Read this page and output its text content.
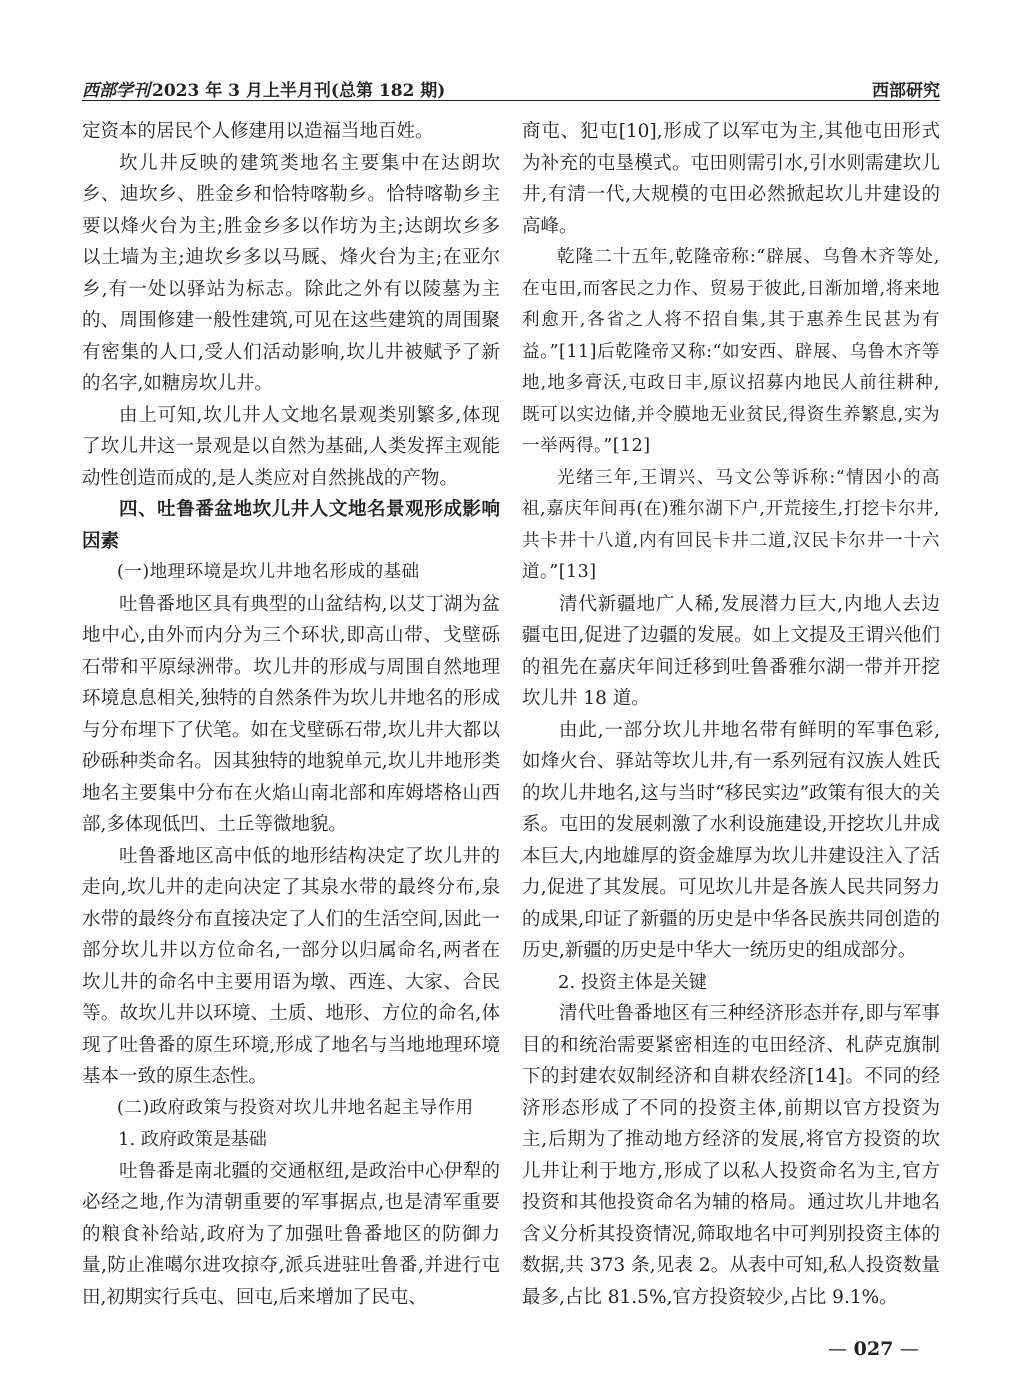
西部学刊 2023 年 3 月上半月刊(总第 182 期)	西部研究

定资本的居民个人修建用以造福当地百姓。

坎儿井反映的建筑类地名主要集中在达朗坎乡、迪坎乡、胜金乡和恰特喀勒乡。恰特喀勒乡主要以烽火台为主;胜金乡多以作坊为主;达朗坎乡多以土墙为主;迪坎乡多以马厩、烽火台为主;在亚尔乡,有一处以驿站为标志。除此之外有以陵墓为主的、周围修建一般性建筑,可见在这些建筑的周围聚有密集的人口,受人们活动影响,坎儿井被赋予了新的名字,如糖房坎儿井。

由上可知,坎儿井人文地名景观类别繁多,体现了坎儿井这一景观是以自然为基础,人类发挥主观能动性创造而成的,是人类应对自然挑战的产物。

四、吐鲁番盆地坎儿井人文地名景观形成影响因素
(一)地理环境是坎儿井地名形成的基础

吐鲁番地区具有典型的山盆结构,以艾丁湖为盆地中心,由外而内分为三个环状,即高山带、戈壁砾石带和平原绿洲带。坎儿井的形成与周围自然地理环境息息相关,独特的自然条件为坎儿井地名的形成与分布埋下了伏笔。如在戈壁砾石带,坎儿井大都以砂砾种类命名。因其独特的地貌单元,坎儿井地形类地名主要集中分布在火焰山南北部和库姆塔格山西部,多体现低凹、土丘等微地貌。

吐鲁番地区高中低的地形结构决定了坎儿井的走向,坎儿井的走向决定了其泉水带的最终分布,泉水带的最终分布直接决定了人们的生活空间,因此一部分坎儿井以方位命名,一部分以归属命名,两者在坎儿井的命名中主要用语为墩、西连、大家、合民等。故坎儿井以环境、土质、地形、方位的命名,体现了吐鲁番的原生环境,形成了地名与当地地理环境基本一致的原生态性。

(二)政府政策与投资对坎儿井地名起主导作用
1. 政府政策是基础

吐鲁番是南北疆的交通枢纽,是政治中心伊犁的必经之地,作为清朝重要的军事据点,也是清军重要的粮食补给站,政府为了加强吐鲁番地区的防御力量,防止准噶尔进攻掠夺,派兵进驻吐鲁番,并进行屯田,初期实行兵屯、回屯,后来增加了民屯、

商屯、犯屯[10],形成了以军屯为主,其他屯田形式为补充的屯垦模式。屯田则需引水,引水则需建坎儿井,有清一代,大规模的屯田必然掀起坎儿井建设的高峰。

乾隆二十五年,乾隆帝称:“辟展、乌鲁木齐等处,在屯田,而客民之力作、贸易于彼此,日渐加增,将来地利愈开,各省之人将不招自集,其于惠养生民甚为有益。”[11]后乾隆帝又称:“如安西、辟展、乌鲁木齐等地,地多膏沃,屯政日丰,原议招募内地民人前往耕种,既可以实边储,并令膜地无业贫民,得资生养繁息,实为一举两得。”[12]

光绪三年,王谓兴、马文公等诉称:“情因小的高祖,嘉庆年间再(在)雅尔湖下户,开荒接生,打挖卡尔井,共卡井十八道,内有回民卡井二道,汉民卡尔井一十六道。”[13]

清代新疆地广人稀,发展潜力巨大,内地人去边疆屯田,促进了边疆的发展。如上文提及王谓兴他们的祖先在嘉庆年间迁移到吐鲁番雅尔湖一带并开挖坎儿井 18 道。

由此,一部分坎儿井地名带有鲜明的军事色彩,如烽火台、驿站等坎儿井,有一系列冠有汉族人姓氏的坎儿井地名,这与当时“移民实边”政策有很大的关系。屯田的发展刺激了水利设施建设,开挖坎儿井成本巨大,内地雄厚的资金雄厚为坎儿井建设注入了活力,促进了其发展。可见坎儿井是各族人民共同努力的成果,印证了新疆的历史是中华各民族共同创造的历史,新疆的历史是中华大一统历史的组成部分。

2. 投资主体是关键

清代吐鲁番地区有三种经济形态并存,即与军事目的和统治需要紧密相连的屯田经济、札萨克旗制下的封建农奴制经济和自耕农经济[14]。不同的经济形态形成了不同的投资主体,前期以官方投资为主,后期为了推动地方经济的发展,将官方投资的坎儿井让利于地方,形成了以私人投资命名为主,官方投资和其他投资命名为辅的格局。通过坎儿井地名含义分析其投资情况,筛取地名中可判别投资主体的数据,共 373 条,见表 2。从表中可知,私人投资数量最多,占比 81.5%,官方投资较少,占比 9.1%。

— 027 —
